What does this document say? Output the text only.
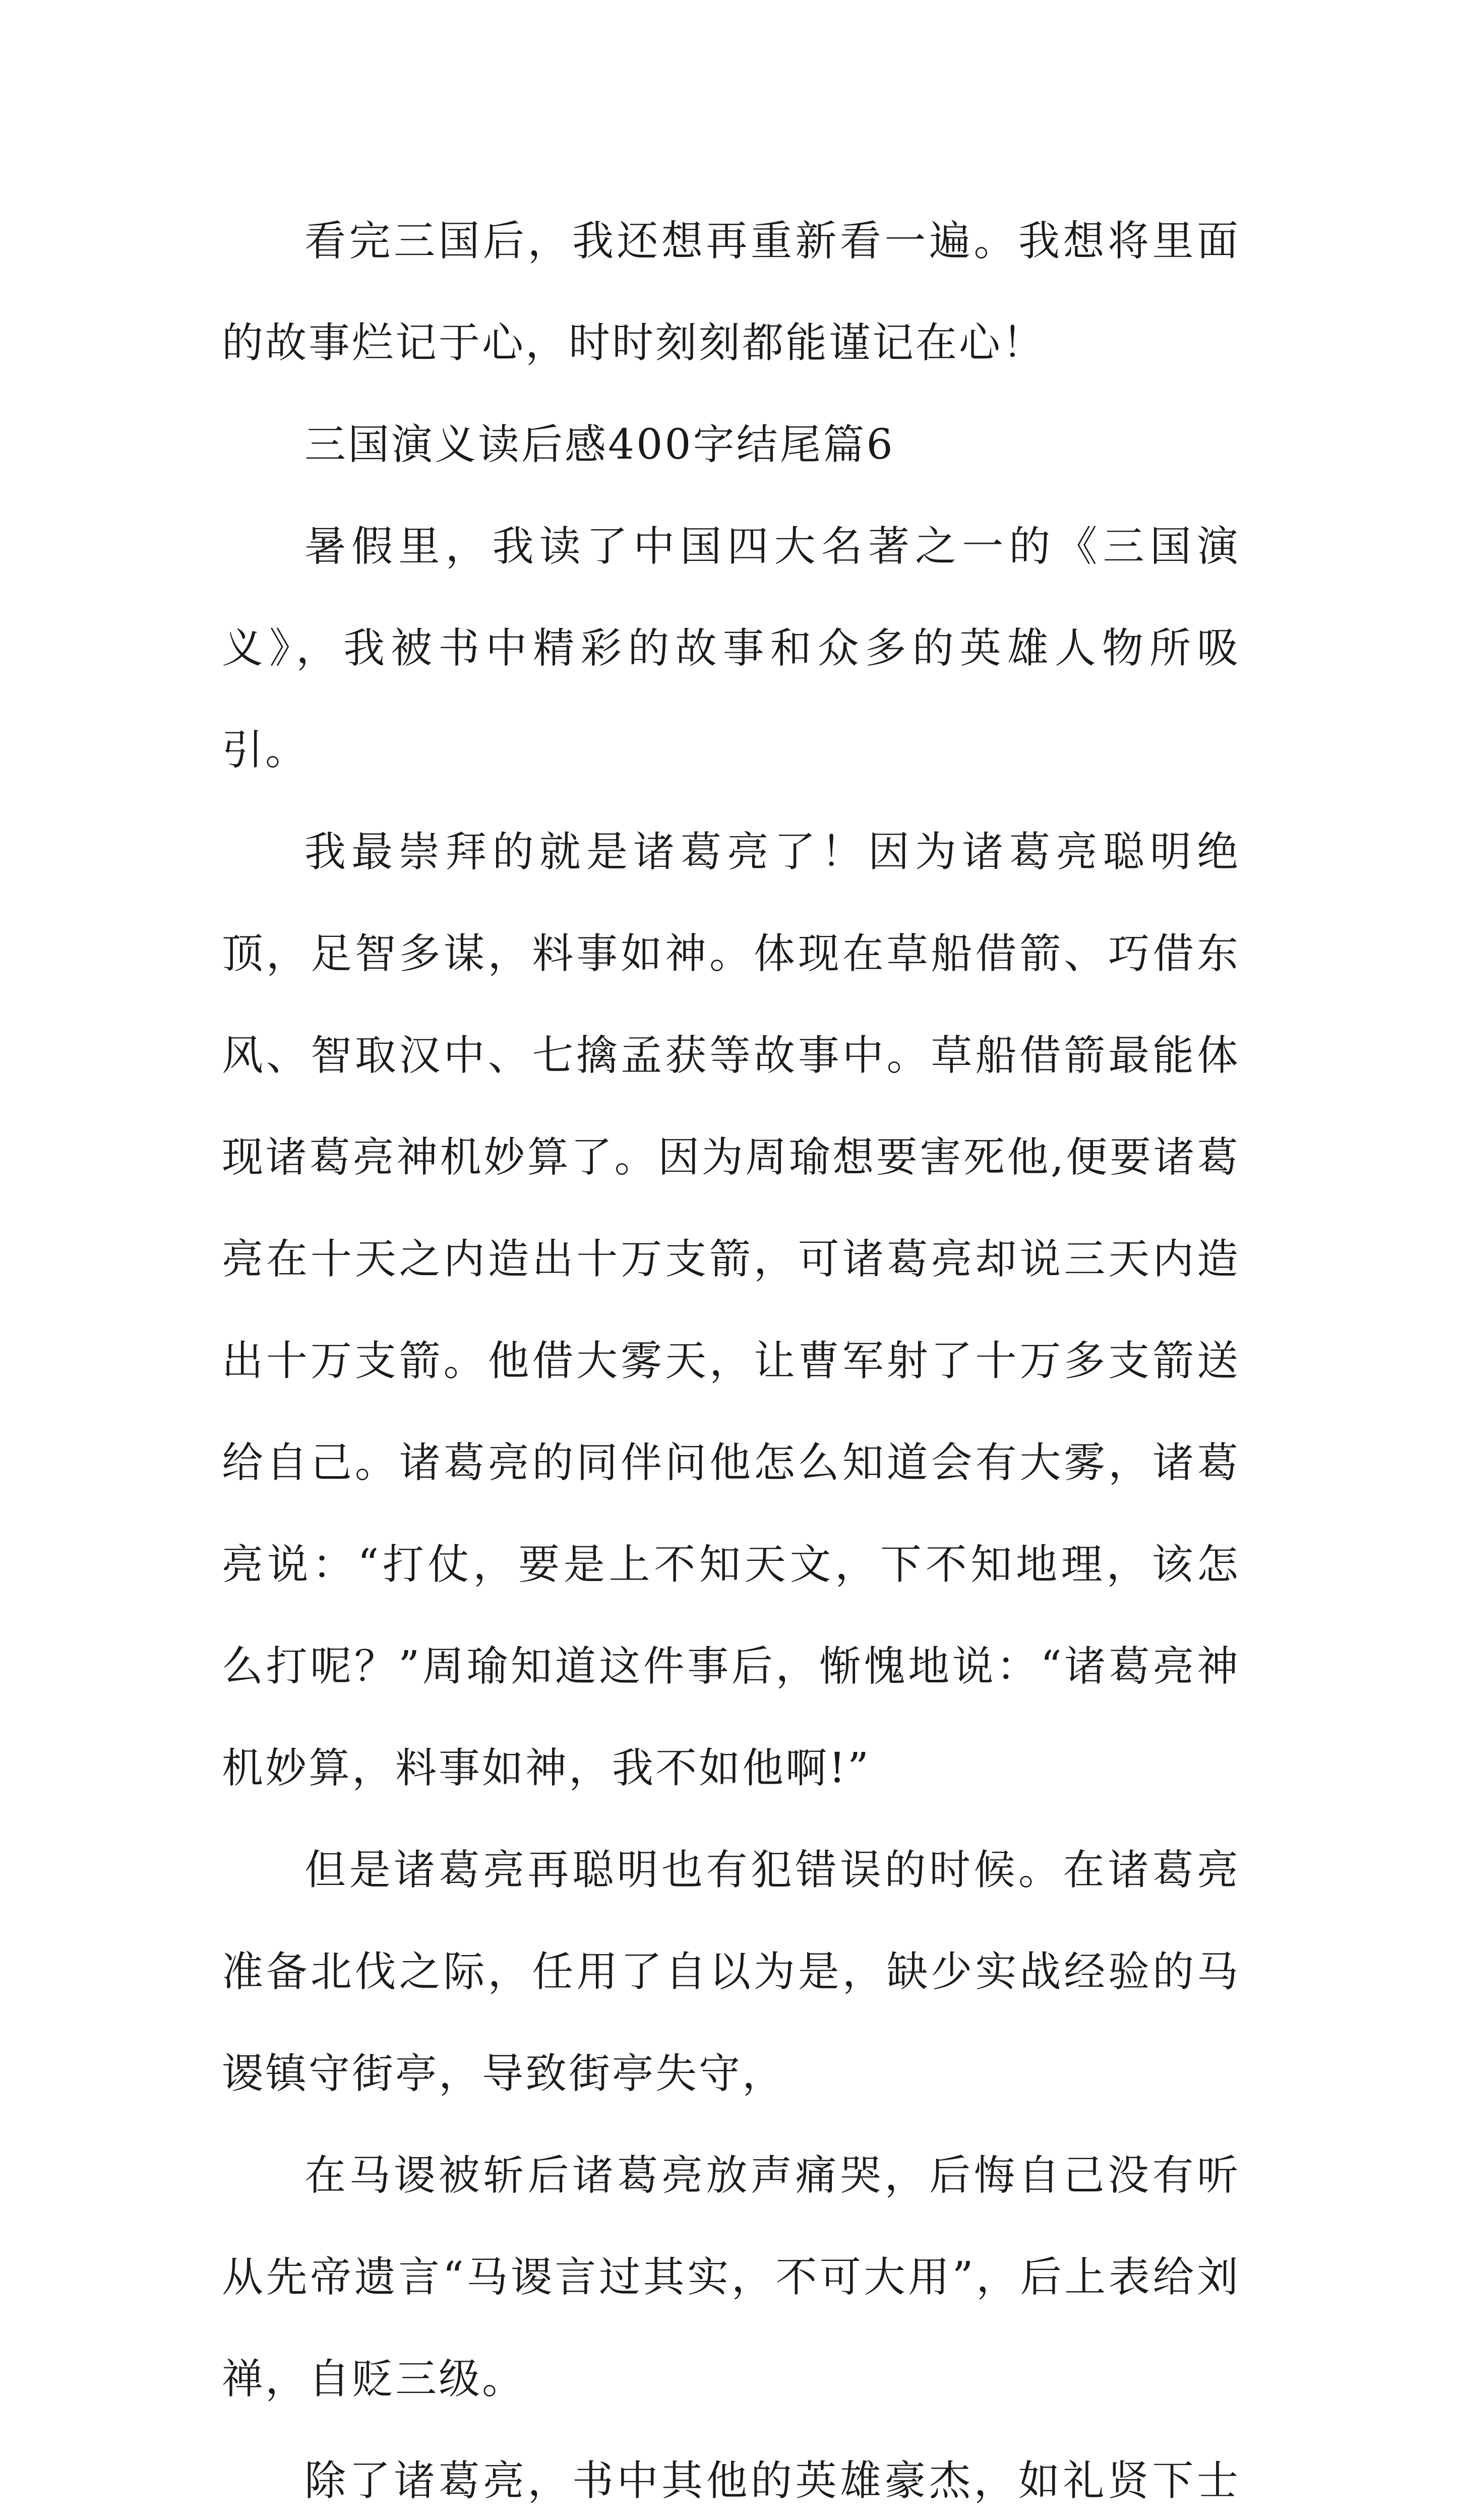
看完三国后，我还想再重新看一遍。我想将里面的故事烂记于心，时时刻刻都能谨记在心！

三国演义读后感400字结尾篇6

暑假里，我读了中国四大名著之一的《三国演义》，我被书中精彩的故事和众多的英雄人物所吸引。

我最崇拜的就是诸葛亮了！因为诸葛亮聪明绝顶，足智多谋，料事如神。体现在草船借箭、巧借东风、智取汉中、七擒孟获等故事中。草船借箭最能体现诸葛亮神机妙算了。因为周瑜想要害死他,便要诸葛亮在十天之内造出十万支箭，可诸葛亮却说三天内造出十万支箭。他借大雾天，让曹军射了十万多支箭送给自己。诸葛亮的同伴问他怎么知道会有大雾，诸葛亮说：“打仗，要是上不知天文，下不知地理，该怎么打呢？”周瑜知道这件事后，惭愧地说：“诸葛亮神机妙算，料事如神，我不如他啊!”

但是诸葛亮再聪明也有犯错误的时候。在诸葛亮准备北伐之际，任用了自以为是，缺少实战经验的马谡镇守街亭，导致街亭失守，

在马谡被斩后诸葛亮放声痛哭，后悔自己没有听从先帝遗言“马谡言过其实，不可大用”，后上表给刘禅，自贬三级。

除了诸葛亮，书中其他的英雄豪杰，如礼贤下士
